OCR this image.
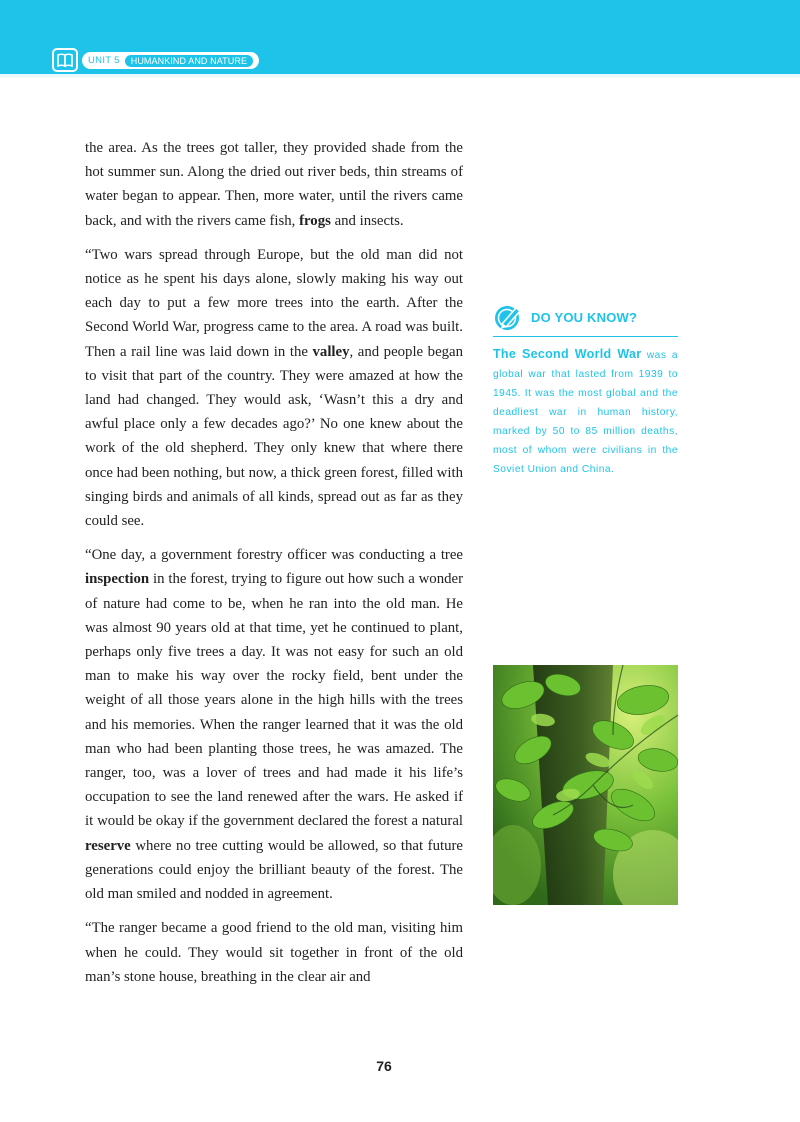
UNIT 5	HUMANKIND AND NATURE

the area. As the trees got taller, they provided shade from the hot summer sun. Along the dried out river beds, thin streams of water began to appear. Then, more water, until the rivers came back, and with the rivers came fish, frogs and insects.

“Two wars spread through Europe, but the old man did not notice as he spent his days alone, slowly making his way out each day to put a few more trees into the earth. After the Second World War, progress came to the area. A road was built. Then a rail line was laid down in the valley, and people began to visit that part of the country. They were amazed at how the land had changed. They would ask, ‘Wasn’t this a dry and awful place only a few decades ago?’ No one knew about the work of the old shepherd. They only knew that where there once had been nothing, but now, a thick green forest, filled with singing birds and animals of all kinds, spread out as far as they could see.

“One day, a government forestry officer was conducting a tree inspection in the forest, trying to figure out how such a wonder of nature had come to be, when he ran into the old man. He was almost 90 years old at that time, yet he continued to plant, perhaps only five trees a day. It was not easy for such an old man to make his way over the rocky field, bent under the weight of all those years alone in the high hills with the trees and his memories. When the ranger learned that it was the old man who had been planting those trees, he was amazed. The ranger, too, was a lover of trees and had made it his life’s occupation to see the land renewed after the wars. He asked if it would be okay if the government declared the forest a natural reserve where no tree cutting would be allowed, so that future generations could enjoy the brilliant beauty of the forest. The old man smiled and nodded in agreement.

“The ranger became a good friend to the old man, visiting him when he could. They would sit together in front of the old man’s stone house, breathing in the clear air and

DO YOU KNOW?
The Second World War was a global war that lasted from 1939 to 1945. It was the most global and the deadliest war in human history, marked by 50 to 85 million deaths, most of whom were civilians in the Soviet Union and China.
76
